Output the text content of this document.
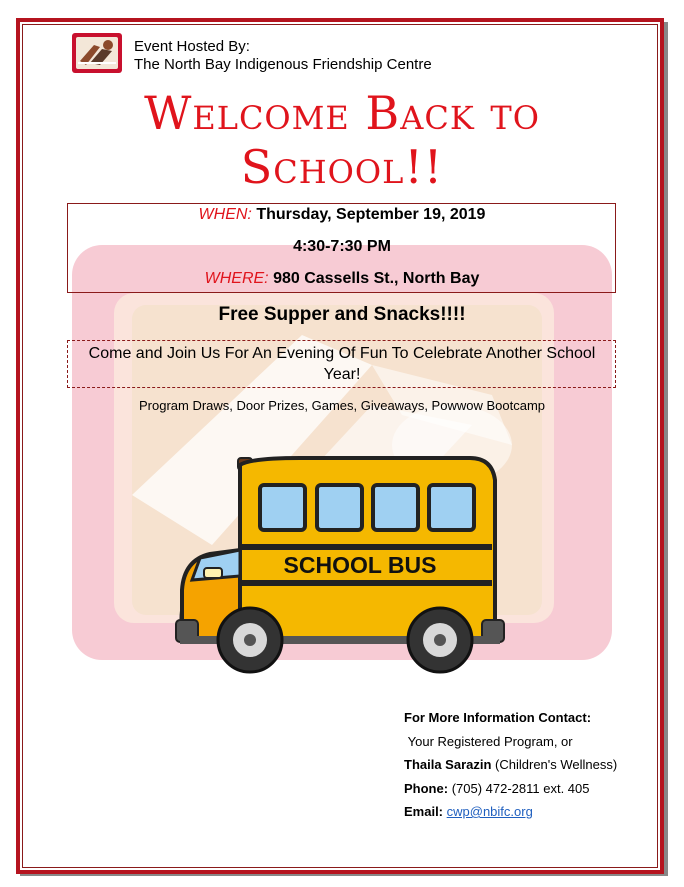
Event Hosted By:
The North Bay Indigenous Friendship Centre
Welcome Back to
School!!
WHEN: Thursday, September 19, 2019
4:30-7:30 PM
WHERE: 980 Cassells St., North Bay
Free Supper and Snacks!!!!
Come and Join Us For An Evening Of Fun To Celebrate Another School Year!
Program Draws, Door Prizes, Games, Giveaways, Powwow Bootcamp
SCHOOL BUS
For More Information Contact:
Your Registered Program, or
Thaila Sarazin (Children's Wellness)
Phone: (705) 472-2811 ext. 405
Email: cwp@nbifc.org
